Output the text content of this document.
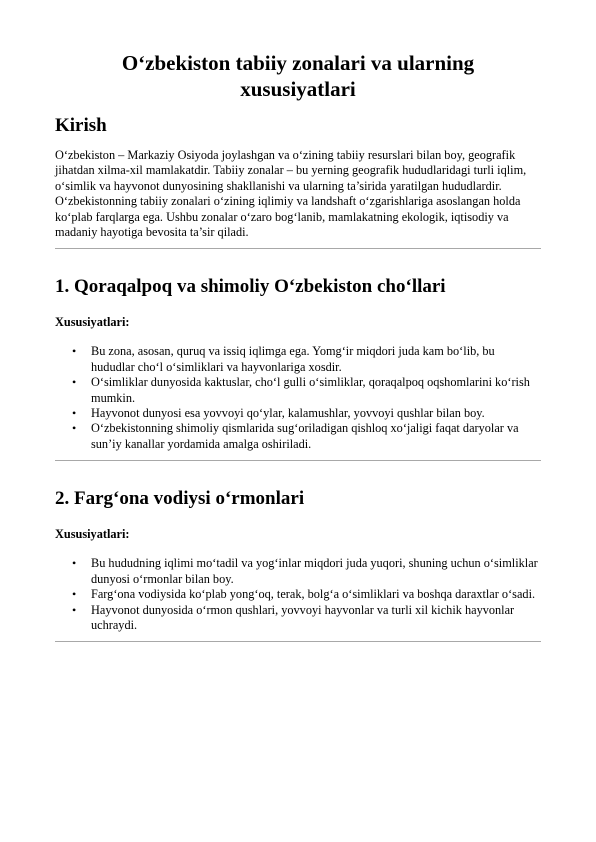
O‘zbekiston tabiiy zonalari va ularning xususiyatlari
Kirish

O‘zbekiston – Markaziy Osiyoda joylashgan va o‘zining tabiiy resurslari bilan boy, geografik jihatdan xilma-xil mamlakatdir. Tabiiy zonalar – bu yerning geografik hududlaridagi turli iqlim, o‘simlik va hayvonot dunyosining shakllanishi va ularning ta’sirida yaratilgan hududlardir. O‘zbekistonning tabiiy zonalari o‘zining iqlimiy va landshaft o‘zgarishlariga asoslangan holda ko‘plab farqlarga ega. Ushbu zonalar o‘zaro bog‘lanib, mamlakatning ekologik, iqtisodiy va madaniy hayotiga bevosita ta’sir qiladi.

1. Qoraqalpoq va shimoliy O‘zbekiston cho‘llari

Xususiyatlari:

• Bu zona, asosan, quruq va issiq iqlimga ega. Yomg‘ir miqdori juda kam bo‘lib, bu hududlar cho‘l o‘simliklari va hayvonlariga xosdir.
• O‘simliklar dunyosida kaktuslar, cho‘l gulli o‘simliklar, qoraqalpoq oqshomlarini ko‘rish mumkin.
• Hayvonot dunyosi esa yovvoyi qo‘ylar, kalamushlar, yovvoyi qushlar bilan boy.
• O‘zbekistonning shimoliy qismlarida sug‘oriladigan qishloq xo‘jaligi faqat daryolar va sun’iy kanallar yordamida amalga oshiriladi.
2. Farg‘ona vodiysi o‘rmonlari

Xususiyatlari:

• Bu hududning iqlimi mo‘tadil va yog‘inlar miqdori juda yuqori, shuning uchun o‘simliklar dunyosi o‘rmonlar bilan boy.
• Farg‘ona vodiysida ko‘plab yong‘oq, terak, bolg‘a o‘simliklari va boshqa daraxtlar o‘sadi.
• Hayvonot dunyosida o‘rmon qushlari, yovvoyi hayvonlar va turli xil kichik hayvonlar uchraydi.
